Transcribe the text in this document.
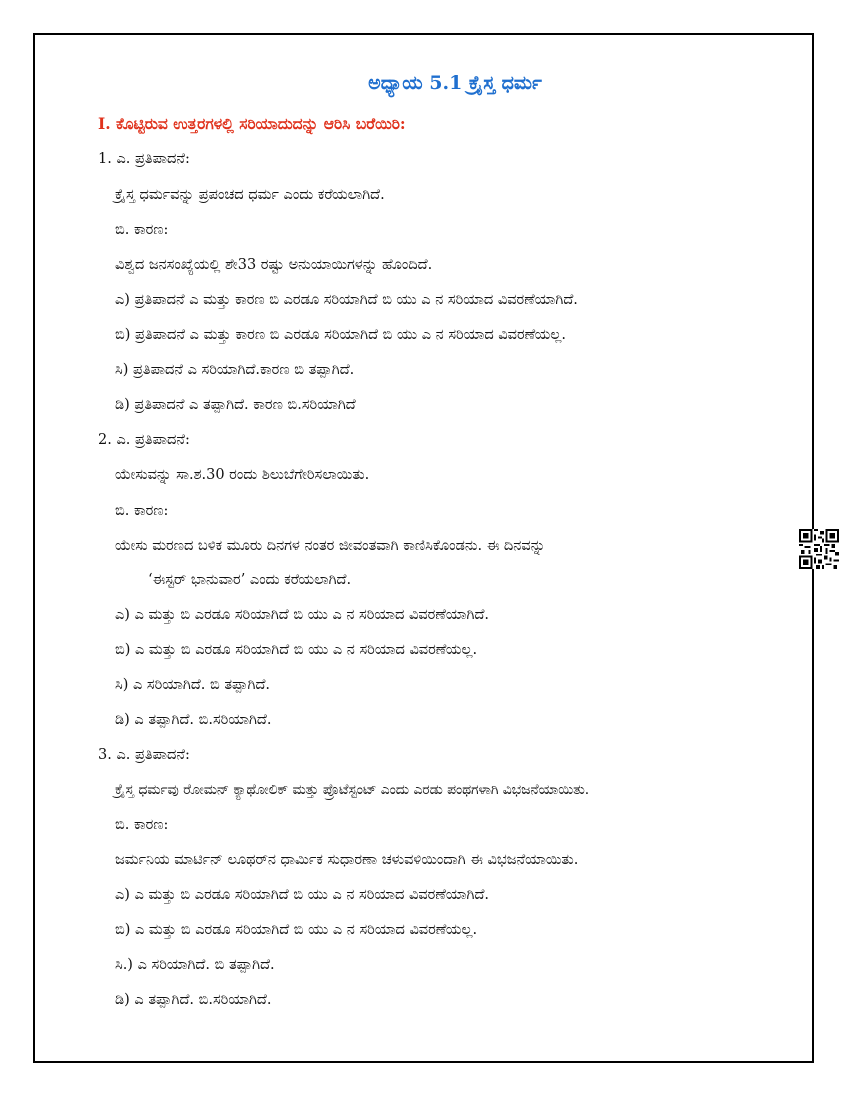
ಅಧ್ಯಾಯ 5.1 ಕ್ರೈಸ್ತ ಧರ್ಮ
I. ಕೊಟ್ಟಿರುವ ಉತ್ತರಗಳಲ್ಲಿ ಸರಿಯಾದುದನ್ನು ಆರಿಸಿ ಬರೆಯಿರಿ:
1. ಎ. ಪ್ರತಿಪಾದನೆ:
ಕ್ರೈಸ್ತ ಧರ್ಮವನ್ನು ಪ್ರಪಂಚದ ಧರ್ಮ ಎಂದು ಕರೆಯಲಾಗಿದೆ.
ಬಿ. ಕಾರಣ:
ವಿಶ್ವದ ಜನಸಂಖ್ಯೆಯಲ್ಲಿ ಶೇ33 ರಷ್ಟು ಅನುಯಾಯಿಗಳನ್ನು ಹೊಂದಿದೆ.
ಎ) ಪ್ರತಿಪಾದನೆ ಎ ಮತ್ತು ಕಾರಣ ಬಿ ಎರಡೂ ಸರಿಯಾಗಿದೆ ಬಿ ಯು ಎ ನ ಸರಿಯಾದ ವಿವರಣೆಯಾಗಿದೆ.
ಬಿ) ಪ್ರತಿಪಾದನೆ ಎ ಮತ್ತು ಕಾರಣ ಬಿ ಎರಡೂ ಸರಿಯಾಗಿದೆ ಬಿ ಯು ಎ ನ ಸರಿಯಾದ ವಿವರಣೆಯಲ್ಲ.
ಸಿ) ಪ್ರತಿಪಾದನೆ ಎ ಸರಿಯಾಗಿದೆ.ಕಾರಣ ಬಿ ತಪ್ಪಾಗಿದೆ.
ಡಿ) ಪ್ರತಿಪಾದನೆ ಎ ತಪ್ಪಾಗಿದೆ. ಕಾರಣ ಬಿ.ಸರಿಯಾಗಿದೆ
2. ಎ. ಪ್ರತಿಪಾದನೆ:
ಯೇಸುವನ್ನು ಸಾ.ಶ.30 ರಂದು ಶಿಲುಬೆಗೇರಿಸಲಾಯಿತು.
ಬಿ. ಕಾರಣ:
ಯೇಸು ಮರಣದ ಬಳಿಕ ಮೂರು ದಿನಗಳ ನಂತರ ಜೀವಂತವಾಗಿ ಕಾಣಿಸಿಕೊಂಡನು. ಈ ದಿನವನ್ನು
‘ಈಸ್ಟರ್ ಭಾನುವಾರ’ ಎಂದು ಕರೆಯಲಾಗಿದೆ.
ಎ) ಎ ಮತ್ತು ಬಿ ಎರಡೂ ಸರಿಯಾಗಿದೆ ಬಿ ಯು ಎ ನ ಸರಿಯಾದ ವಿವರಣೆಯಾಗಿದೆ.
ಬಿ) ಎ ಮತ್ತು ಬಿ ಎರಡೂ ಸರಿಯಾಗಿದೆ ಬಿ ಯು ಎ ನ ಸರಿಯಾದ ವಿವರಣೆಯಲ್ಲ.
ಸಿ) ಎ ಸರಿಯಾಗಿದೆ. ಬಿ ತಪ್ಪಾಗಿದೆ.
ಡಿ) ಎ ತಪ್ಪಾಗಿದೆ. ಬಿ.ಸರಿಯಾಗಿದೆ.
3. ಎ. ಪ್ರತಿಪಾದನೆ:
ಕ್ರೈಸ್ತ ಧರ್ಮವು ರೋಮನ್ ಕ್ಯಾಥೋಲಿಕ್ ಮತ್ತು ಪ್ರೊಟೆಸ್ಟಂಟ್ ಎಂದು ಎರಡು ಪಂಥಗಳಾಗಿ ವಿಭಜನೆಯಾಯಿತು.
ಬಿ. ಕಾರಣ:
ಜರ್ಮನಿಯ ಮಾರ್ಟಿನ್ ಲೂಥರ್‌ನ ಧಾರ್ಮಿಕ ಸುಧಾರಣಾ ಚಳುವಳಿಯಿಂದಾಗಿ ಈ ವಿಭಜನೆಯಾಯಿತು.
ಎ) ಎ ಮತ್ತು ಬಿ ಎರಡೂ ಸರಿಯಾಗಿದೆ ಬಿ ಯು ಎ ನ ಸರಿಯಾದ ವಿವರಣೆಯಾಗಿದೆ.
ಬಿ) ಎ ಮತ್ತು ಬಿ ಎರಡೂ ಸರಿಯಾಗಿದೆ ಬಿ ಯು ಎ ನ ಸರಿಯಾದ ವಿವರಣೆಯಲ್ಲ.
ಸಿ.) ಎ ಸರಿಯಾಗಿದೆ. ಬಿ ತಪ್ಪಾಗಿದೆ.
ಡಿ) ಎ ತಪ್ಪಾಗಿದೆ. ಬಿ.ಸರಿಯಾಗಿದೆ.
